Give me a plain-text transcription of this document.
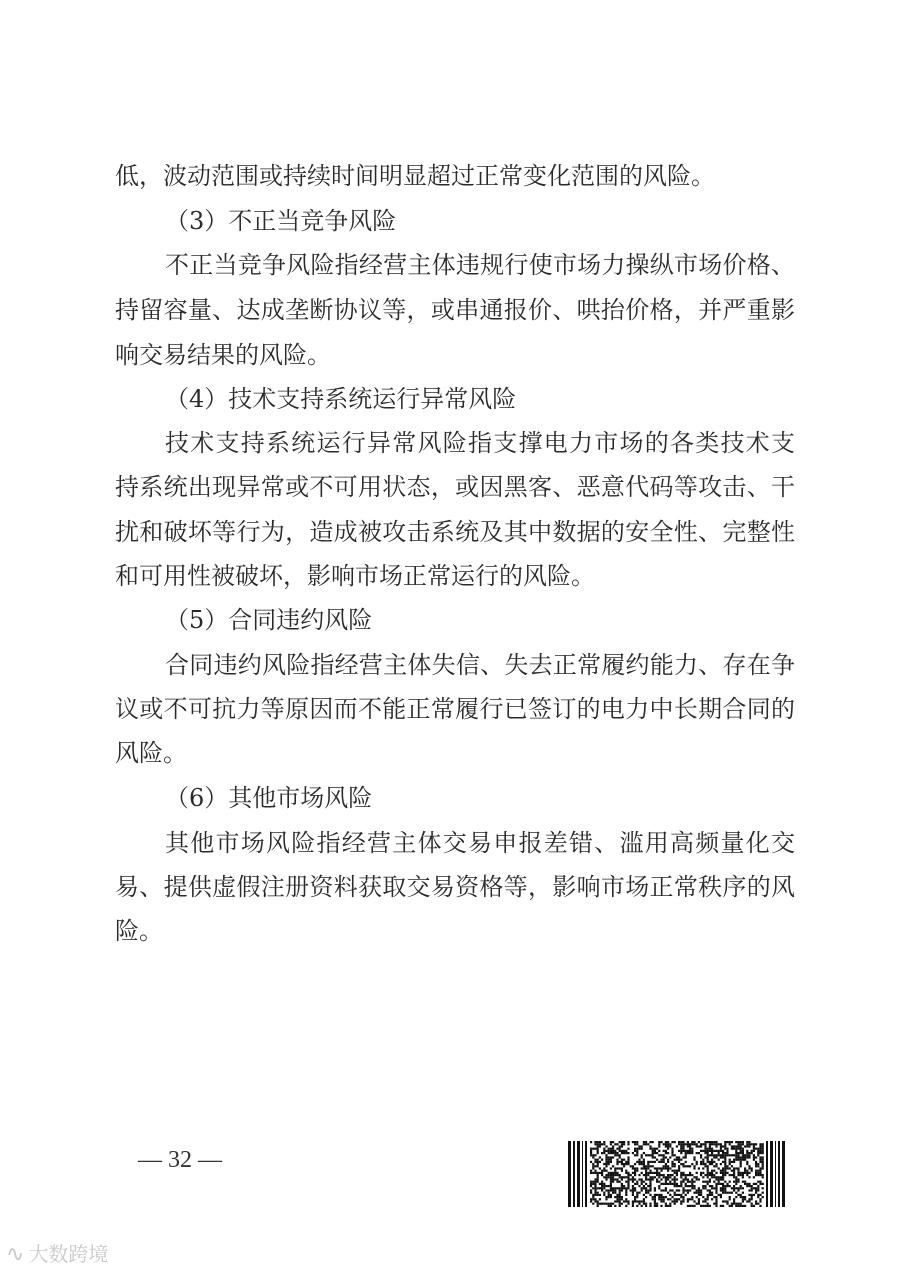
低，波动范围或持续时间明显超过正常变化范围的风险。
（3）不正当竞争风险
不正当竞争风险指经营主体违规行使市场力操纵市场价格、
持留容量、达成垄断协议等，或串通报价、哄抬价格，并严重影
响交易结果的风险。
（4）技术支持系统运行异常风险
技术支持系统运行异常风险指支撑电力市场的各类技术支
持系统出现异常或不可用状态，或因黑客、恶意代码等攻击、干
扰和破坏等行为，造成被攻击系统及其中数据的安全性、完整性
和可用性被破坏，影响市场正常运行的风险。
（5）合同违约风险
合同违约风险指经营主体失信、失去正常履约能力、存在争
议或不可抗力等原因而不能正常履行已签订的电力中长期合同的
风险。
（6）其他市场风险
其他市场风险指经营主体交易申报差错、滥用高频量化交
易、提供虚假注册资料获取交易资格等，影响市场正常秩序的风
险。
— 32 —
∿ 大数跨境
